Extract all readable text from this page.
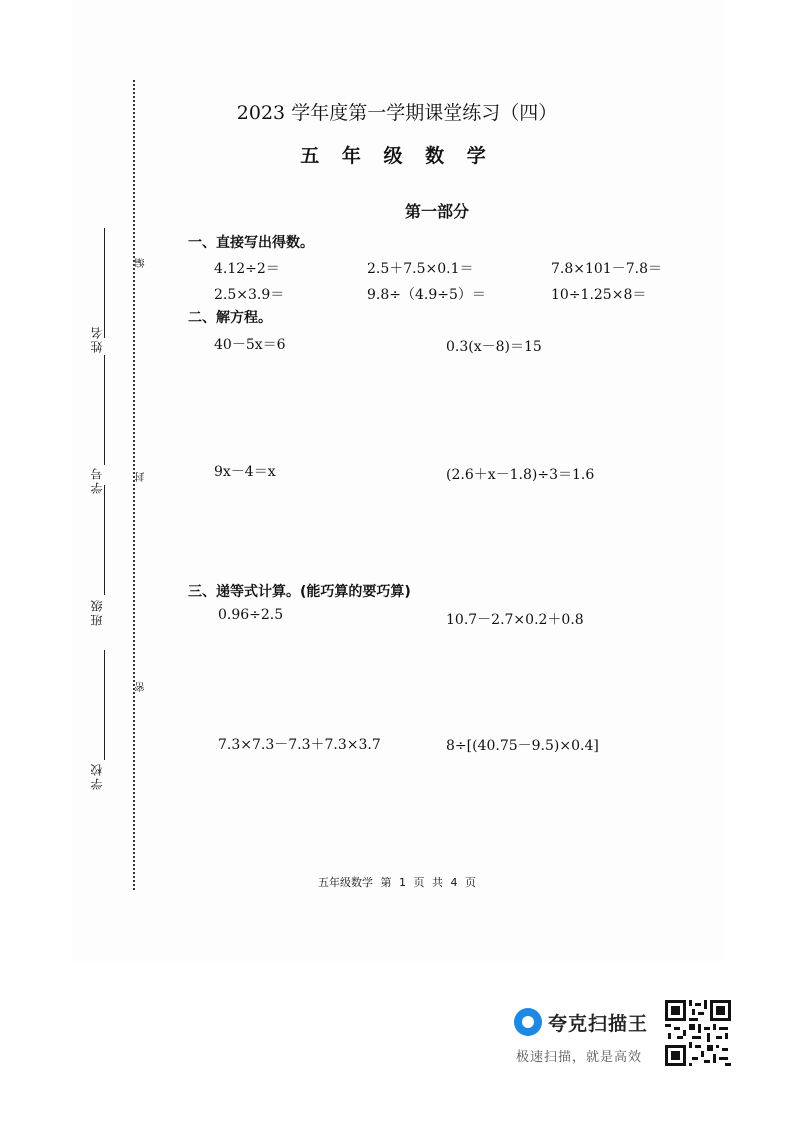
姓名
学号
班级
学校
编
封
密
2023 学年度第一学期课堂练习（四）
五 年 级 数 学
第一部分
一、直接写出得数。
4.12÷2＝	2.5＋7.5×0.1＝	7.8×101－7.8＝
2.5×3.9＝	9.8÷（4.9÷5）＝	10÷1.25×8＝
二、解方程。
40－5x＝6	0.3(x－8)＝15
9x－4＝x	(2.6＋x－1.8)÷3＝1.6
三、递等式计算。(能巧算的要巧算)
0.96÷2.5	10.7－2.7×0.2＋0.8
7.3×7.3－7.3＋7.3×3.7	8÷[(40.75－9.5)×0.4]
五年级数学 第 1 页 共 4 页
夸克扫描王
极速扫描，就是高效
